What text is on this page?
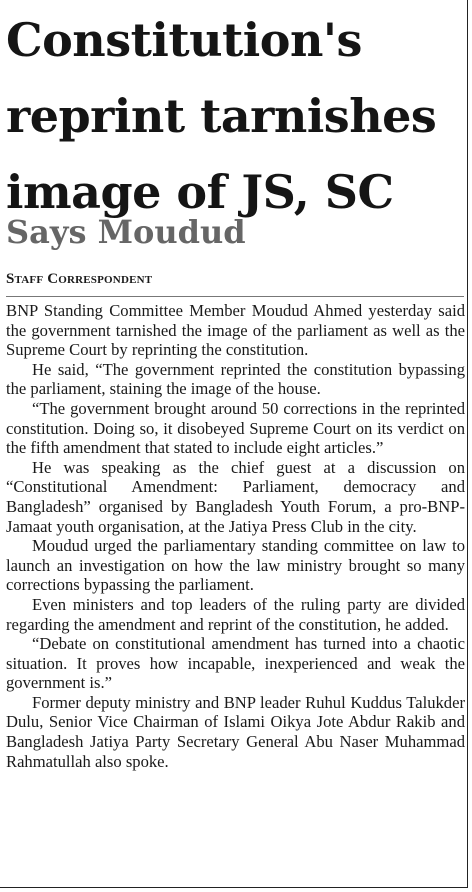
Constitution's
reprint tarnishes
image of JS, SC
Says Moudud
Staff Correspondent

BNP Standing Committee Member Moudud Ahmed yesterday said the government tarnished the image of the parliament as well as the Supreme Court by reprinting the constitution.

He said, “The government reprinted the constitution bypassing the parliament, staining the image of the house.

“The government brought around 50 corrections in the reprinted constitution. Doing so, it disobeyed Supreme Court on its verdict on the fifth amendment that stated to include eight articles.”

He was speaking as the chief guest at a discussion on “Constitutional Amendment: Parliament, democracy and Bangladesh” organised by Bangladesh Youth Forum, a pro-BNP-Jamaat youth organisation, at the Jatiya Press Club in the city.

Moudud urged the parliamentary standing committee on law to launch an investigation on how the law ministry brought so many corrections bypassing the parliament.

Even ministers and top leaders of the ruling party are divided regarding the amendment and reprint of the constitution, he added.

“Debate on constitutional amendment has turned into a chaotic situation. It proves how incapable, inexperienced and weak the government is.”

Former deputy ministry and BNP leader Ruhul Kuddus Talukder Dulu, Senior Vice Chairman of Islami Oikya Jote Abdur Rakib and Bangladesh Jatiya Party Secretary General Abu Naser Muhammad Rahmatullah also spoke.
